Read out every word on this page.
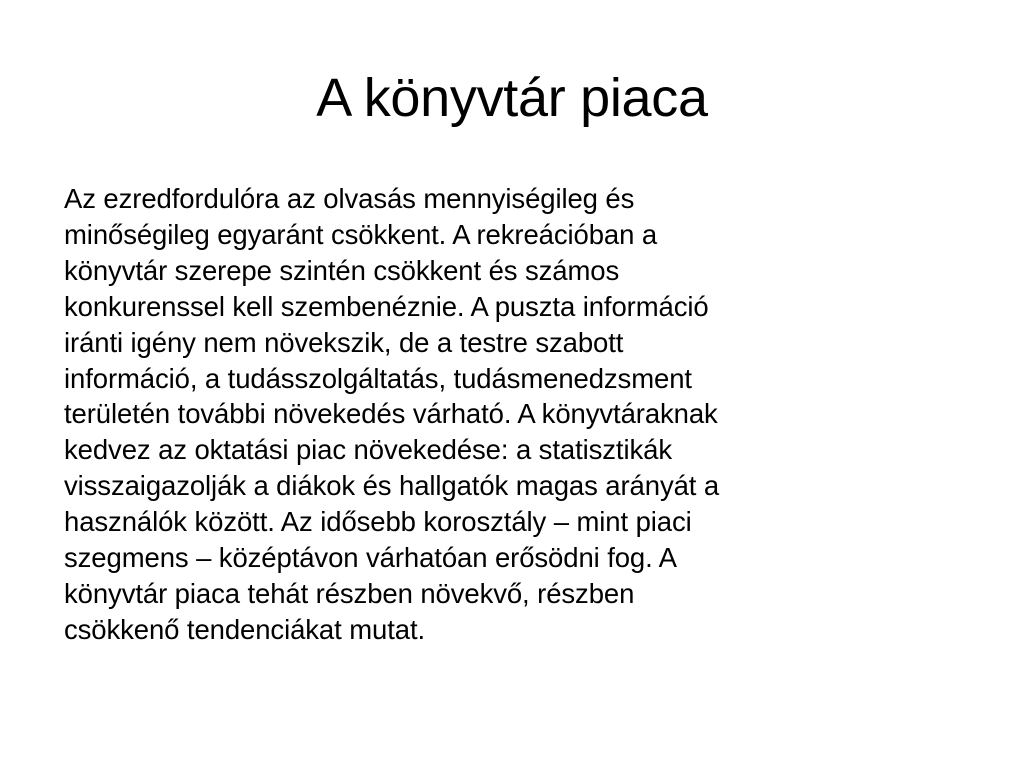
A könyvtár piaca

Az ezredfordulóra az olvasás mennyiségileg és
minőségileg egyaránt csökkent. A rekreációban a
könyvtár szerepe szintén csökkent és számos
konkurenssel kell szembenéznie. A puszta információ
iránti igény nem növekszik, de a testre szabott
információ, a tudásszolgáltatás, tudásmenedzsment
területén további növekedés várható. A könyvtáraknak
kedvez az oktatási piac növekedése: a statisztikák
visszaigazolják a diákok és hallgatók magas arányát a
használók között. Az idősebb korosztály – mint piaci
szegmens – középtávon várhatóan erősödni fog. A
könyvtár piaca tehát részben növekvő, részben
csökkenő tendenciákat mutat.
